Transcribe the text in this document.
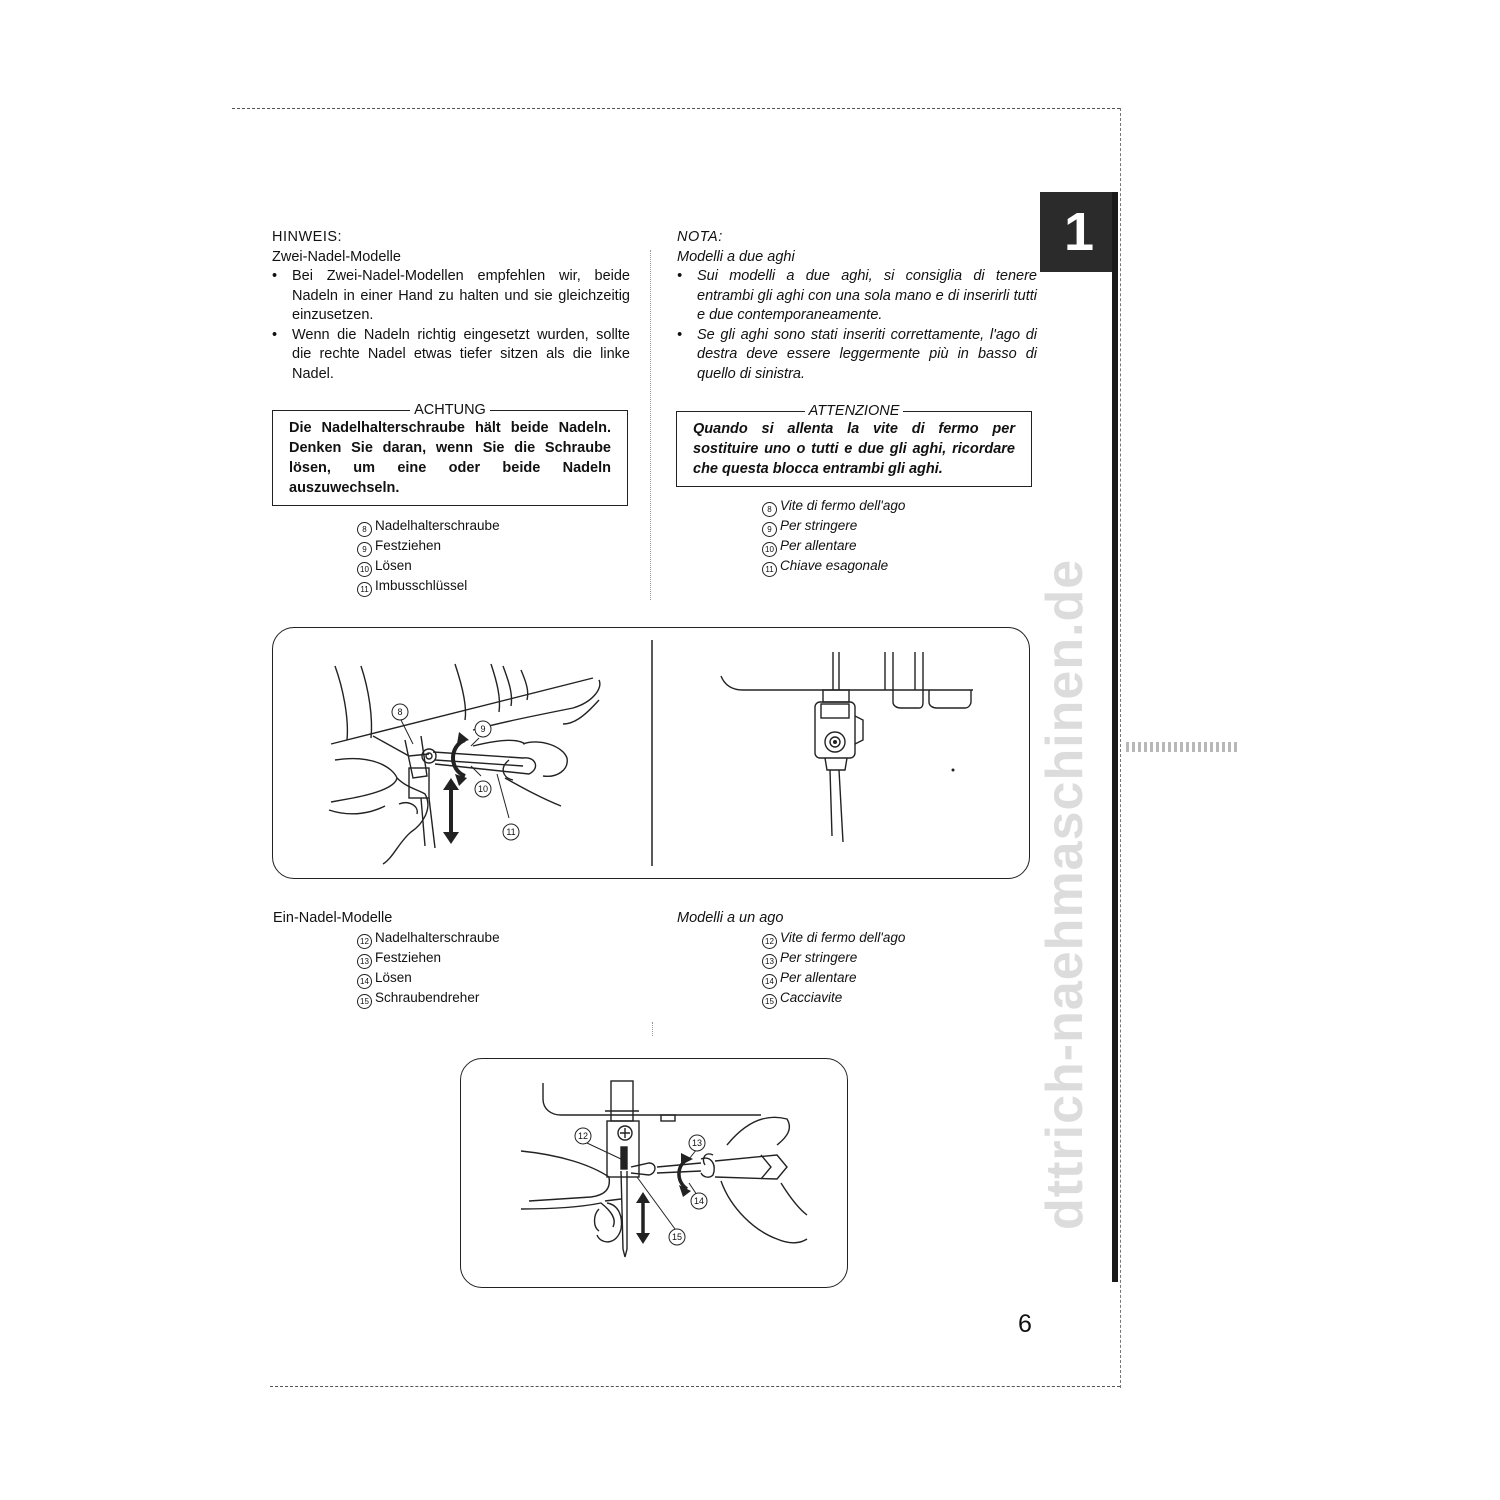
1
dttrich-naehmaschinen.de
HINWEIS:
Zwei-Nadel-Modelle
•	Bei Zwei-Nadel-Modellen empfehlen wir, beide Nadeln in einer Hand zu halten und sie gleichzeitig einzusetzen.
•	Wenn die Nadeln richtig eingesetzt wurden, sollte die rechte Nadel etwas tiefer sitzen als die linke Nadel.
NOTA:
Modelli a due aghi
•	Sui modelli a due aghi, si consiglia di tenere entrambi gli aghi con una sola mano e di inserirli tutti e due contemporaneamente.
•	Se gli aghi sono stati inseriti correttamente, l'ago di destra deve essere leggermente più in basso di quello di sinistra.
ACHTUNG
Die Nadelhalterschraube hält beide Nadeln. Denken Sie daran, wenn Sie die Schraube lösen, um eine oder beide Nadeln auszuwechseln.
ATTENZIONE
Quando si allenta la vite di fermo per sostituire uno o tutti e due gli aghi, ricordare che questa blocca entrambi gli aghi.
8 Nadelhalterschraube
9 Festziehen
10 Lösen
11 Imbusschlüssel
8 Vite di fermo dell'ago
9 Per stringere
10 Per allentare
11 Chiave esagonale
8
9
10
11
Ein-Nadel-Modelle	Modelli a un ago
12 Nadelhalterschraube
13 Festziehen
14 Lösen
15 Schraubendreher
12 Vite di fermo dell'ago
13 Per stringere
14 Per allentare
15 Cacciavite
12
13
14
15
6
